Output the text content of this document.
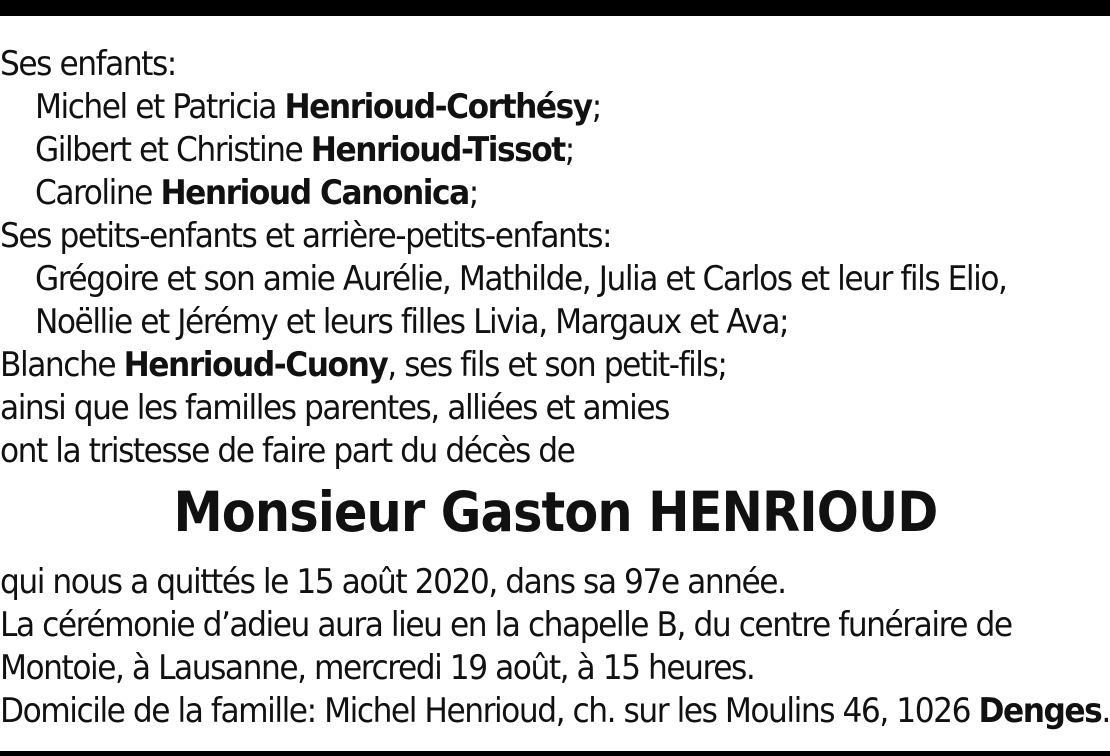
Ses enfants:
Michel et Patricia Henrioud-Corthésy;
Gilbert et Christine Henrioud-Tissot;
Caroline Henrioud Canonica;
Ses petits-enfants et arrière-petits-enfants:
Grégoire et son amie Aurélie, Mathilde, Julia et Carlos et leur fils Elio,
Noëllie et Jérémy et leurs filles Livia, Margaux et Ava;
Blanche Henrioud-Cuony, ses fils et son petit-fils;
ainsi que les familles parentes, alliées et amies
ont la tristesse de faire part du décès de
Monsieur Gaston HENRIOUD
qui nous a quittés le 15 août 2020, dans sa 97e année.
La cérémonie d’adieu aura lieu en la chapelle B, du centre funéraire de
Montoie, à Lausanne, mercredi 19 août, à 15 heures.
Domicile de la famille: Michel Henrioud, ch. sur les Moulins 46, 1026 Denges.
